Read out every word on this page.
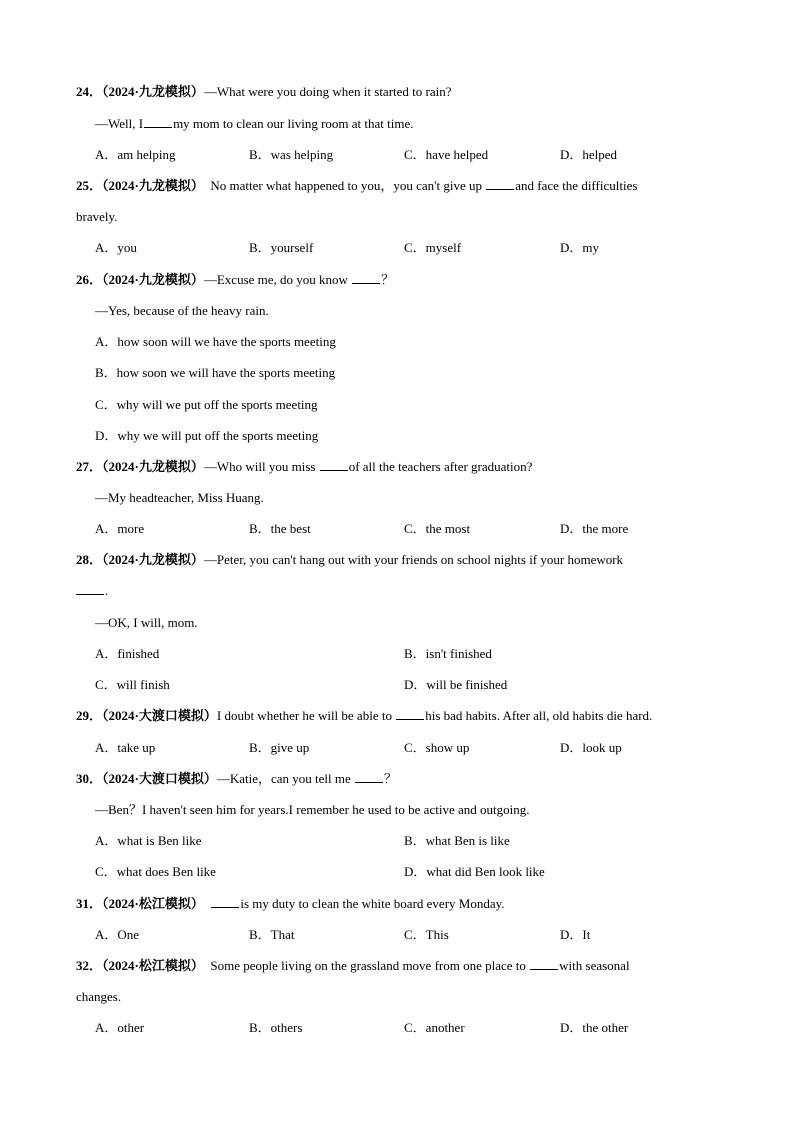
24．（2024·九龙模拟）—What were you doing when it started to rain?
—Well, I my mom to clean our living room at that time.
A．am helping	B．was helping	C．have helped	D．helped
25．（2024·九龙模拟）  No matter what happened to you，you can't give up and face the difficulties
bravely.
A．you	B．yourself	C．myself	D．my
26．（2024·九龙模拟）—Excuse me, do you know ？
—Yes, because of the heavy rain.
A．how soon will we have the sports meeting
B．how soon we will have the sports meeting
C．why will we put off the sports meeting
D．why we will put off the sports meeting
27．（2024·九龙模拟）—Who will you miss of all the teachers after graduation?
—My headteacher, Miss Huang.
A．more	B．the best	C．the most	D．the more
28．（2024·九龙模拟）—Peter, you can't hang out with your friends on school nights if your homework
.
—OK, I will, mom.
A．finished	B．isn't finished
C．will finish	D．will be finished
29．（2024·大渡口模拟）I doubt whether he will be able to his bad habits. After all, old habits die hard.
A．take up	B．give up	C．show up	D．look up
30．（2024·大渡口模拟）—Katie，can you tell me ？
—Ben？I haven't seen him for years.I remember he used to be active and outgoing.
A．what is Ben like	B．what Ben is like
C．what does Ben like	D．what did Ben look like
31．（2024·松江模拟）	is my duty to clean the white board every Monday.
A．One	B．That	C．This	D．It
32．（2024·松江模拟）  Some people living on the grassland move from one place to with seasonal
changes.
A．other	B．others	C．another	D．the other
